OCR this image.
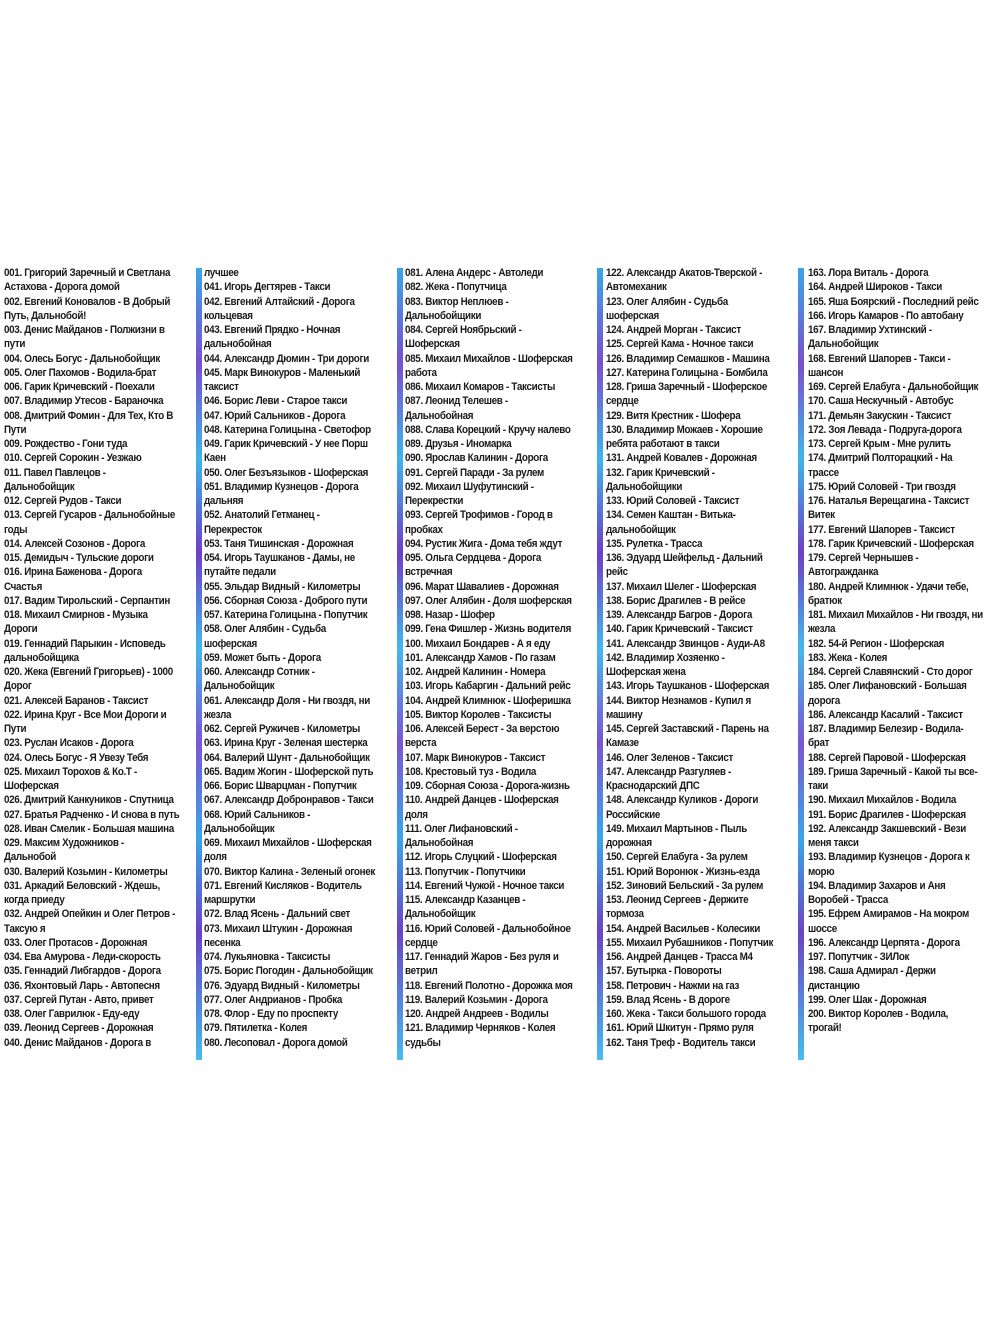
001. Григорий Заречный и Светлана
Астахова - Дорога домой
002. Евгений Коновалов - В Добрый
Путь, Дальнобой!
003. Денис Майданов - Полжизни в
пути
004. Олесь Богус - Дальнобойщик
005. Олег Пахомов - Водила-брат
006. Гарик Кричевский - Поехали
007. Владимир Утесов - Бараночка
008. Дмитрий Фомин - Для Тех, Кто В
Пути
009. Рождество - Гони туда
010. Сергей Сорокин - Уезжаю
011. Павел Павлецов -
Дальнобойщик
012. Сергей Рудов - Такси
013. Сергей Гусаров - Дальнобойные
годы
014. Алексей Созонов - Дорога
015. Демидыч - Тульские дороги
016. Ирина Баженова - Дорога
Счастья
017. Вадим Тирольский - Серпантин
018. Михаил Смирнов - Музыка
Дороги
019. Геннадий Парыкин - Исповедь
дальнобойщика
020. Жека (Евгений Григорьев) - 1000
Дорог
021. Алексей Баранов - Таксист
022. Ирина Круг - Все Мои Дороги и
Пути
023. Руслан Исаков - Дорога
024. Олесь Богус - Я Увезу Тебя
025. Михаил Торохов & Ко.Т -
Шоферская
026. Дмитрий Канкуников - Спутница
027. Братья Радченко - И снова в путь
028. Иван Смелик - Большая машина
029. Максим Художников -
Дальнобой
030. Валерий Козьмин - Километры
031. Аркадий Беловский - Ждешь,
когда приеду
032. Андрей Опейкин и Олег Петров -
Таксую я
033. Олег Протасов - Дорожная
034. Ева Амурова - Леди-скорость
035. Геннадий Либгардов - Дорога
036. Яхонтовый Ларь - Автопесня
037. Сергей Путан - Авто, привет
038. Олег Гаврилюк - Еду-еду
039. Леонид Сергеев - Дорожная
040. Денис Майданов - Дорога в
лучшее
041. Игорь Дегтярев - Такси
042. Евгений Алтайский - Дорога
кольцевая
043. Евгений Прядко - Ночная
дальнобойная
044. Александр Дюмин - Три дороги
045. Марк Винокуров - Маленький
таксист
046. Борис Леви - Старое такси
047. Юрий Сальников - Дорога
048. Катерина Голицына - Светофор
049. Гарик Кричевский - У нее Порш
Каен
050. Олег Безъязыков - Шоферская
051. Владимир Кузнецов - Дорога
дальняя
052. Анатолий Гетманец -
Перекресток
053. Таня Тишинская - Дорожная
054. Игорь Таушканов - Дамы, не
путайте педали
055. Эльдар Видный - Километры
056. Сборная Союза - Доброго пути
057. Катерина Голицына - Попутчик
058. Олег Алябин - Судьба
шоферская
059. Может быть - Дорога
060. Александр Сотник -
Дальнобойщик
061. Александр Доля - Ни гвоздя, ни
жезла
062. Сергей Ружичев - Километры
063. Ирина Круг - Зеленая шестерка
064. Валерий Шунт - Дальнобойщик
065. Вадим Жогин - Шоферской путь
066. Борис Шварцман - Попутчик
067. Александр Добронравов - Такси
068. Юрий Сальников -
Дальнобойщик
069. Михаил Михайлов - Шоферская
доля
070. Виктор Калина - Зеленый огонек
071. Евгений Кисляков - Водитель
маршрутки
072. Влад Ясень - Дальний свет
073. Михаил Штукин - Дорожная
песенка
074. Лукьяновка - Таксисты
075. Борис Погодин - Дальнобойщик
076. Эдуард Видный - Километры
077. Олег Андрианов - Пробка
078. Флор - Еду по проспекту
079. Пятилетка - Колея
080. Лесоповал - Дорога домой
081. Алена Андерс - Автоледи
082. Жека - Попутчица
083. Виктор Неплюев -
Дальнобойщики
084. Сергей Ноябрьский -
Шоферская
085. Михаил Михайлов - Шоферская
работа
086. Михаил Комаров - Таксисты
087. Леонид Телешев -
Дальнобойная
088. Слава Корецкий - Кручу налево
089. Друзья - Иномарка
090. Ярослав Калинин - Дорога
091. Сергей Паради - За рулем
092. Михаил Шуфутинский -
Перекрестки
093. Сергей Трофимов - Город в
пробках
094. Рустик Жига - Дома тебя ждут
095. Ольга Сердцева - Дорога
встречная
096. Марат Шавалиев - Дорожная
097. Олег Алябин - Доля шоферская
098. Назар - Шофер
099. Гена Фишлер - Жизнь водителя
100. Михаил Бондарев - А я еду
101. Александр Хамов - По газам
102. Андрей Калинин - Номера
103. Игорь Кабаргин - Дальний рейс
104. Андрей Климнюк - Шоферишка
105. Виктор Королев - Таксисты
106. Алексей Берест - За верстою
верста
107. Марк Винокуров - Таксист
108. Крестовый туз - Водила
109. Сборная Союза - Дорога-жизнь
110. Андрей Данцев - Шоферская
доля
111. Олег Лифановский -
Дальнобойная
112. Игорь Слуцкий - Шоферская
113. Попутчик - Попутчики
114. Евгений Чужой - Ночное такси
115. Александр Казанцев -
Дальнобойщик
116. Юрий Соловей - Дальнобойное
сердце
117. Геннадий Жаров - Без руля и
ветрил
118. Евгений Полотно - Дорожка моя
119. Валерий Козьмин - Дорога
120. Андрей Андреев - Водилы
121. Владимир Черняков - Колея
судьбы
122. Александр Акатов-Тверской -
Автомеханик
123. Олег Алябин - Судьба
шоферская
124. Андрей Морган - Таксист
125. Сергей Кама - Ночное такси
126. Владимир Семашков - Машина
127. Катерина Голицына - Бомбила
128. Гриша Заречный - Шоферское
сердце
129. Витя Крестник - Шофера
130. Владимир Можаев - Хорошие
ребята работают в такси
131. Андрей Ковалев - Дорожная
132. Гарик Кричевский -
Дальнобойщики
133. Юрий Соловей - Таксист
134. Семен Каштан - Витька-
дальнобойщик
135. Рулетка - Трасса
136. Эдуард Шейфельд - Дальний
рейс
137. Михаил Шелег - Шоферская
138. Борис Драгилев - В рейсе
139. Александр Багров - Дорога
140. Гарик Кричевский - Таксист
141. Александр Звинцов - Ауди-А8
142. Владимир Хозяенко -
Шоферская жена
143. Игорь Таушканов - Шоферская
144. Виктор Незнамов - Купил я
машину
145. Сергей Заставский - Парень на
Камазе
146. Олег Зеленов - Таксист
147. Александр Разгуляев -
Краснодарский ДПС
148. Александр Куликов - Дороги
Российские
149. Михаил Мартынов - Пыль
дорожная
150. Сергей Елабуга - За рулем
151. Юрий Воронюк - Жизнь-езда
152. Зиновий Бельский - За рулем
153. Леонид Сергеев - Держите
тормоза
154. Андрей Васильев - Колесики
155. Михаил Рубашников - Попутчик
156. Андрей Данцев - Трасса М4
157. Бутырка - Повороты
158. Петрович - Нажми на газ
159. Влад Ясень - В дороге
160. Жека - Такси большого города
161. Юрий Шкитун - Прямо руля
162. Таня Треф - Водитель такси
163. Лора Виталь - Дорога
164. Андрей Широков - Такси
165. Яша Боярский - Последний рейс
166. Игорь Камаров - По автобану
167. Владимир Ухтинский -
Дальнобойщик
168. Евгений Шапорев - Такси -
шансон
169. Сергей Елабуга - Дальнобойщик
170. Саша Нескучный - Автобус
171. Демьян Закускин - Таксист
172. Зоя Левада - Подруга-дорога
173. Сергей Крым - Мне рулить
174. Дмитрий Полторацкий - На
трассе
175. Юрий Соловей - Три гвоздя
176. Наталья Верещагина - Таксист
Витек
177. Евгений Шапорев - Таксист
178. Гарик Кричевский - Шоферская
179. Сергей Чернышев -
Автогражданка
180. Андрей Климнюк - Удачи тебе,
братюк
181. Михаил Михайлов - Ни гвоздя, ни
жезла
182. 54-й Регион - Шоферская
183. Жека - Колея
184. Сергей Славянский - Сто дорог
185. Олег Лифановский - Большая
дорога
186. Александр Касалий - Таксист
187. Владимир Белезир - Водила-
брат
188. Сергей Паровой - Шоферская
189. Гриша Заречный - Какой ты все-
таки
190. Михаил Михайлов - Водила
191. Борис Драгилев - Шоферская
192. Александр Закшевский - Вези
меня такси
193. Владимир Кузнецов - Дорога к
морю
194. Владимир Захаров и Аня
Воробей - Трасса
195. Ефрем Амирамов - На мокром
шоссе
196. Александр Церпята - Дорога
197. Попутчик - ЗИЛок
198. Саша Адмирал - Держи
дистанцию
199. Олег Шак - Дорожная
200. Виктор Королев - Водила,
трогай!
